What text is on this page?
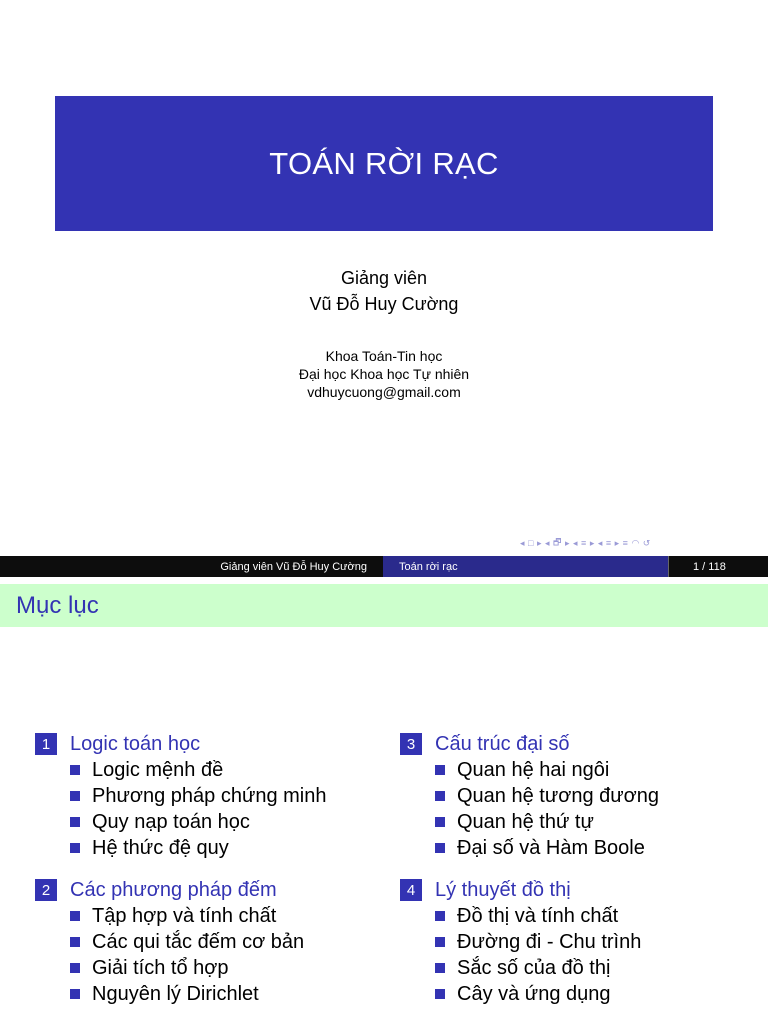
TOÁN RỜI RẠC
Giảng viên
Vũ Đỗ Huy Cường
Khoa Toán-Tin học
Đại học Khoa học Tự nhiên
vdhuycuong@gmail.com
◂ □ ▸ ◂ 🗗 ▸ ◂ ≡ ▸ ◂ ≡ ▸ ≡ ◠ ↺
Giảng viên Vũ Đỗ Huy Cường	Toán rời rạc	1 / 118
Mục lục
1 Logic toán học
Logic mệnh đề
Phương pháp chứng minh
Quy nạp toán học
Hệ thức đệ quy
2 Các phương pháp đếm
Tập hợp và tính chất
Các qui tắc đếm cơ bản
Giải tích tổ hợp
Nguyên lý Dirichlet
3 Cấu trúc đại số
Quan hệ hai ngôi
Quan hệ tương đương
Quan hệ thứ tự
Đại số và Hàm Boole
4 Lý thuyết đồ thị
Đồ thị và tính chất
Đường đi - Chu trình
Sắc số của đồ thị
Cây và ứng dụng
